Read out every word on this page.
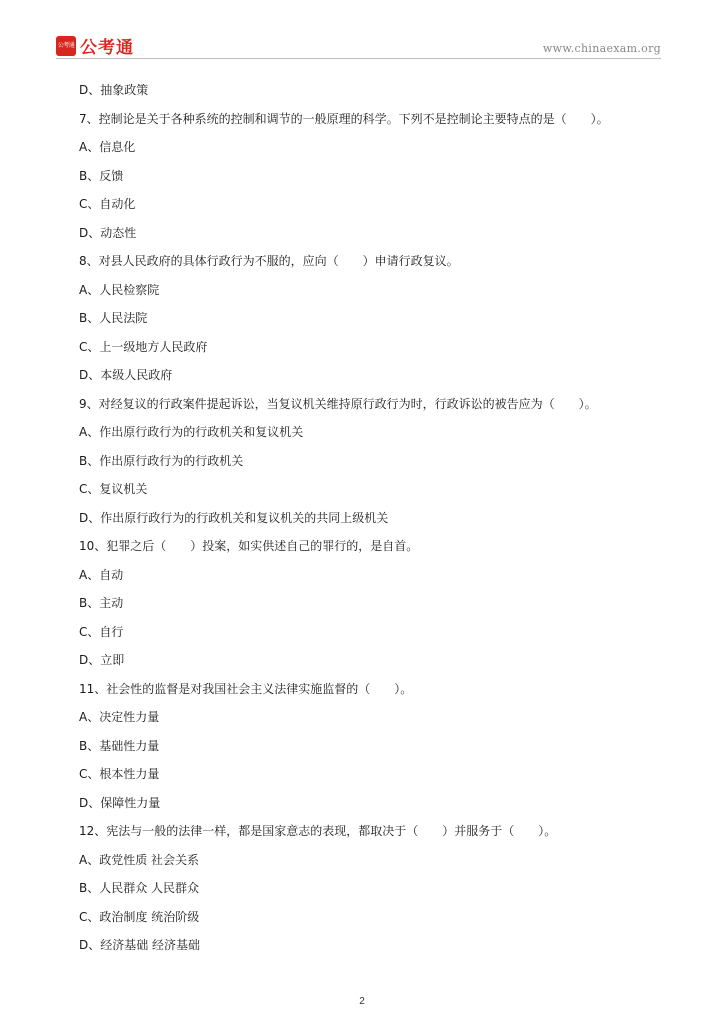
公考通 公考通	www.chinaexam.org
D、抽象政策
7、控制论是关于各种系统的控制和调节的一般原理的科学。下列不是控制论主要特点的是（　　）。
A、信息化
B、反馈
C、自动化
D、动态性
8、对县人民政府的具体行政行为不服的，应向（　　）申请行政复议。
A、人民检察院
B、人民法院
C、上一级地方人民政府
D、本级人民政府
9、对经复议的行政案件提起诉讼，当复议机关维持原行政行为时，行政诉讼的被告应为（　　）。
A、作出原行政行为的行政机关和复议机关
B、作出原行政行为的行政机关
C、复议机关
D、作出原行政行为的行政机关和复议机关的共同上级机关
10、犯罪之后（　　）投案，如实供述自己的罪行的，是自首。
A、自动
B、主动
C、自行
D、立即
11、社会性的监督是对我国社会主义法律实施监督的（　　）。
A、决定性力量
B、基础性力量
C、根本性力量
D、保障性力量
12、宪法与一般的法律一样，都是国家意志的表现，都取决于（　　）并服务于（　　）。
A、政党性质 社会关系
B、人民群众 人民群众
C、政治制度 统治阶级
D、经济基础 经济基础
2
